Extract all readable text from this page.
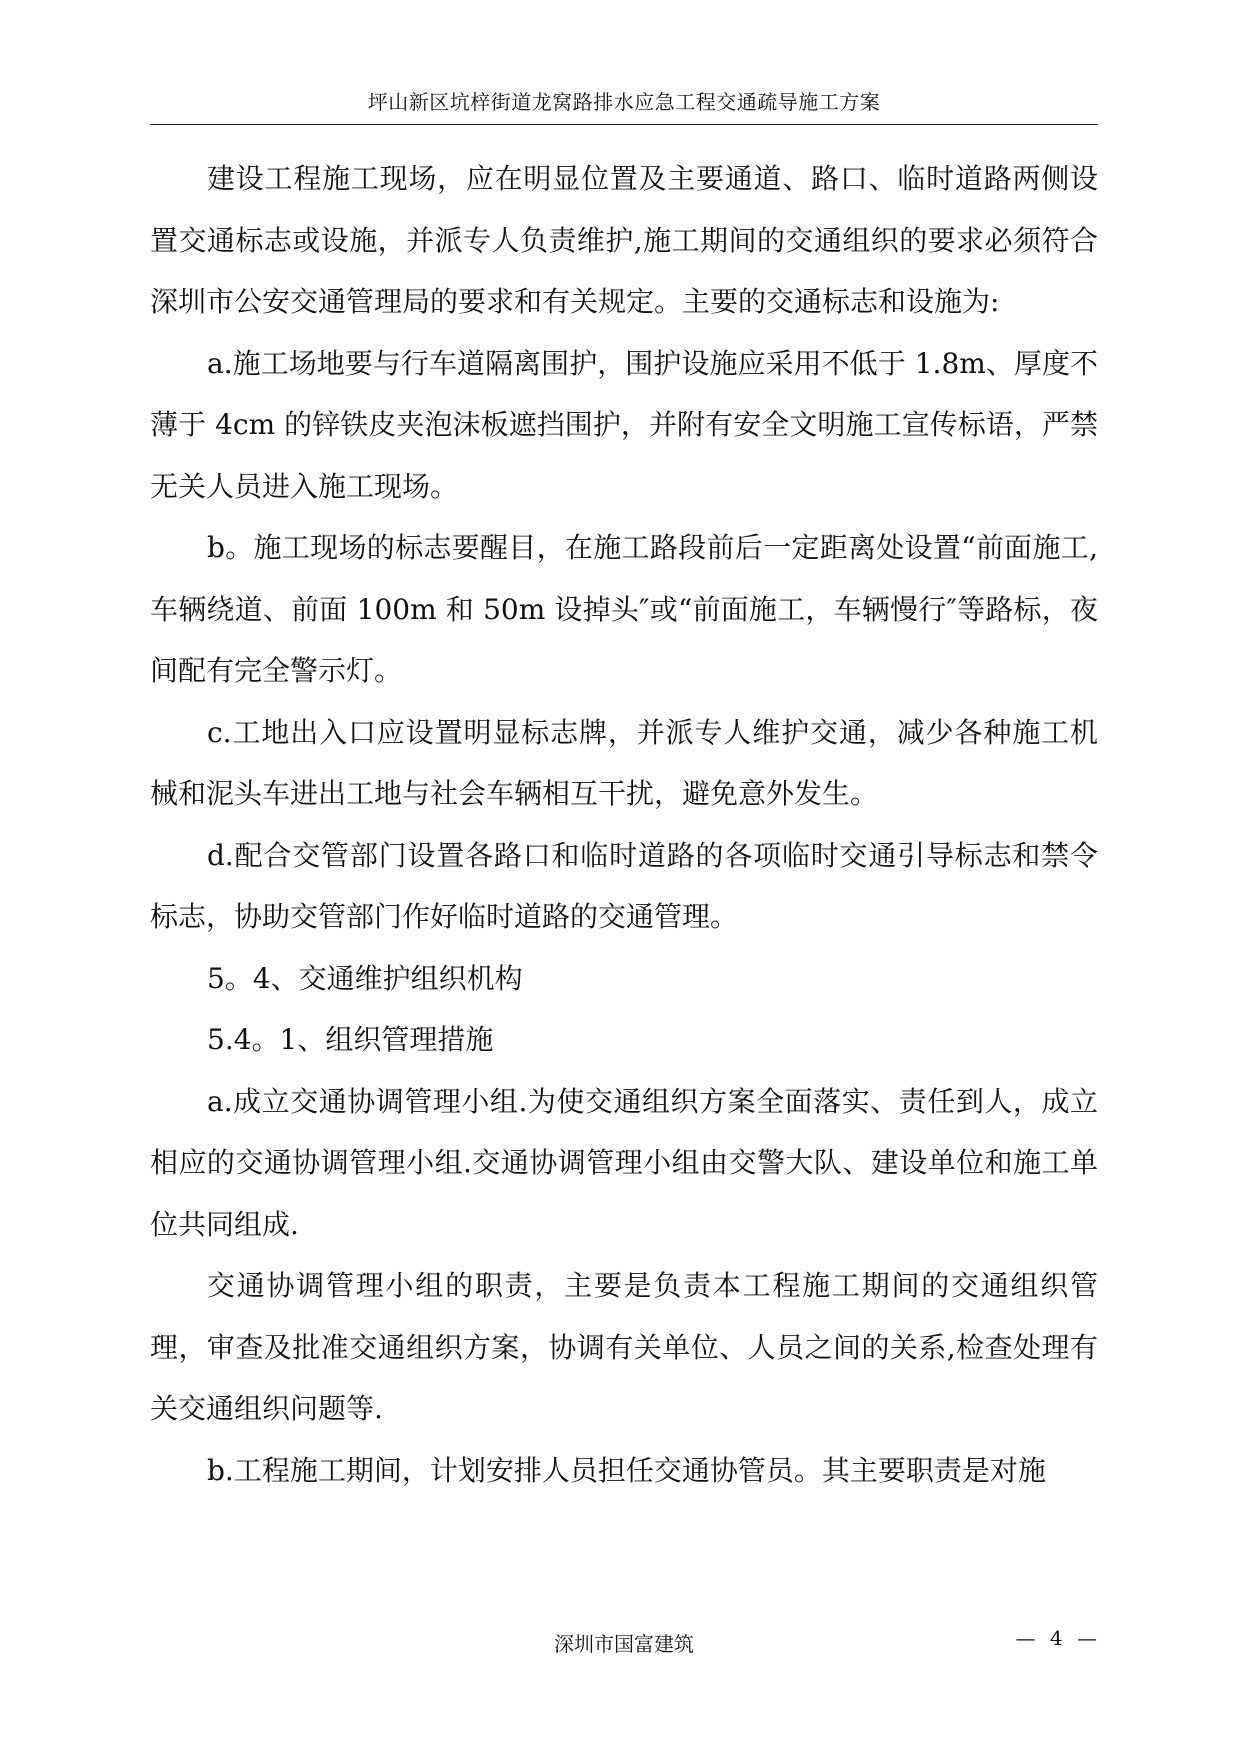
坪山新区坑梓街道龙窝路排水应急工程交通疏导施工方案

建设工程施工现场，应在明显位置及主要通道、路口、临时道路两侧设置交通标志或设施，并派专人负责维护,施工期间的交通组织的要求必须符合深圳市公安交通管理局的要求和有关规定。主要的交通标志和设施为:

a.施工场地要与行车道隔离围护，围护设施应采用不低于 1.8m、厚度不薄于 4cm 的锌铁皮夹泡沫板遮挡围护，并附有安全文明施工宣传标语，严禁无关人员进入施工现场。

b。施工现场的标志要醒目，在施工路段前后一定距离处设置“前面施工,车辆绕道、前面 100m 和 50m 设掉头″或“前面施工，车辆慢行″等路标，夜间配有完全警示灯。

c.工地出入口应设置明显标志牌，并派专人维护交通，减少各种施工机械和泥头车进出工地与社会车辆相互干扰，避免意外发生。

d.配合交管部门设置各路口和临时道路的各项临时交通引导标志和禁令标志，协助交管部门作好临时道路的交通管理。

5。4、交通维护组织机构

5.4。1、组织管理措施

a.成立交通协调管理小组.为使交通组织方案全面落实、责任到人，成立相应的交通协调管理小组.交通协调管理小组由交警大队、建设单位和施工单位共同组成.

交通协调管理小组的职责，主要是负责本工程施工期间的交通组织管理，审查及批准交通组织方案，协调有关单位、人员之间的关系,检查处理有关交通组织问题等.

b.工程施工期间，计划安排人员担任交通协管员。其主要职责是对施

深圳市国富建筑	— 4 —
